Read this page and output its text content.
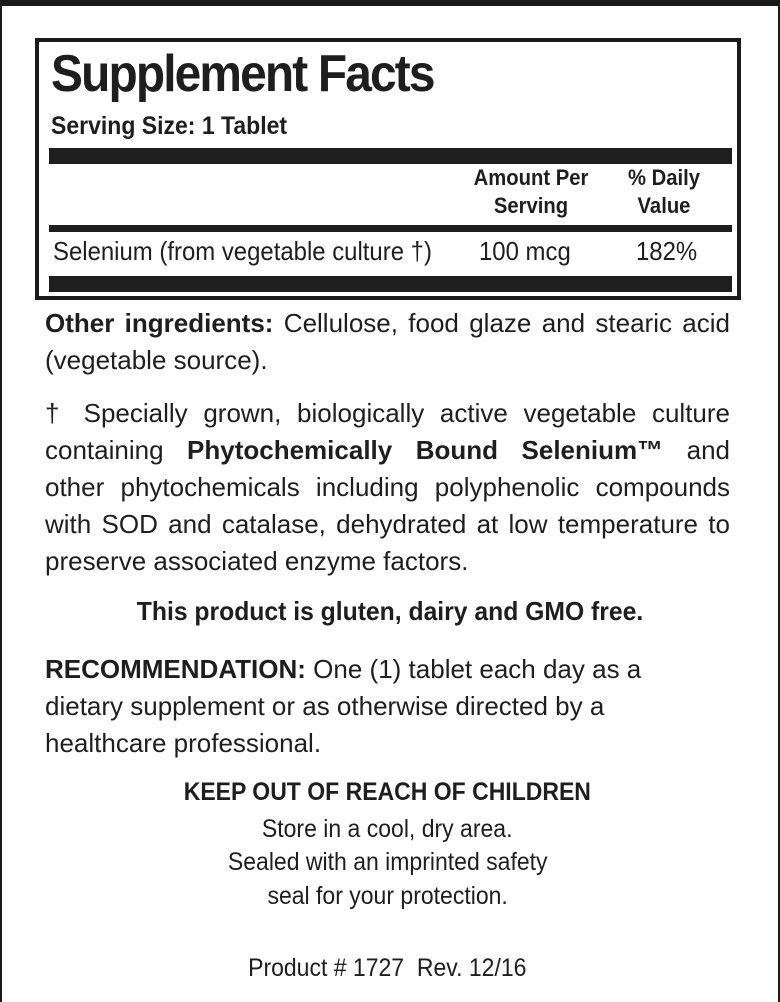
Supplement Facts
Serving Size: 1 Tablet
Amount Per
Serving
% Daily
Value
Selenium (from vegetable culture †) 100 mcg	182%
Other ingredients: Cellulose, food glaze and stearic acid (vegetable source).
† Specially grown, biologically active vegetable culture containing Phytochemically Bound Selenium™ and other phytochemicals including polyphenolic compounds with SOD and catalase, dehydrated at low temperature to preserve associated enzyme factors.
This product is gluten, dairy and GMO free.
RECOMMENDATION: One (1) tablet each day as a dietary supplement or as otherwise directed by a healthcare professional.
KEEP OUT OF REACH OF CHILDREN
Store in a cool, dry area.
Sealed with an imprinted safety
seal for your protection.
Product # 1727  Rev. 12/16
